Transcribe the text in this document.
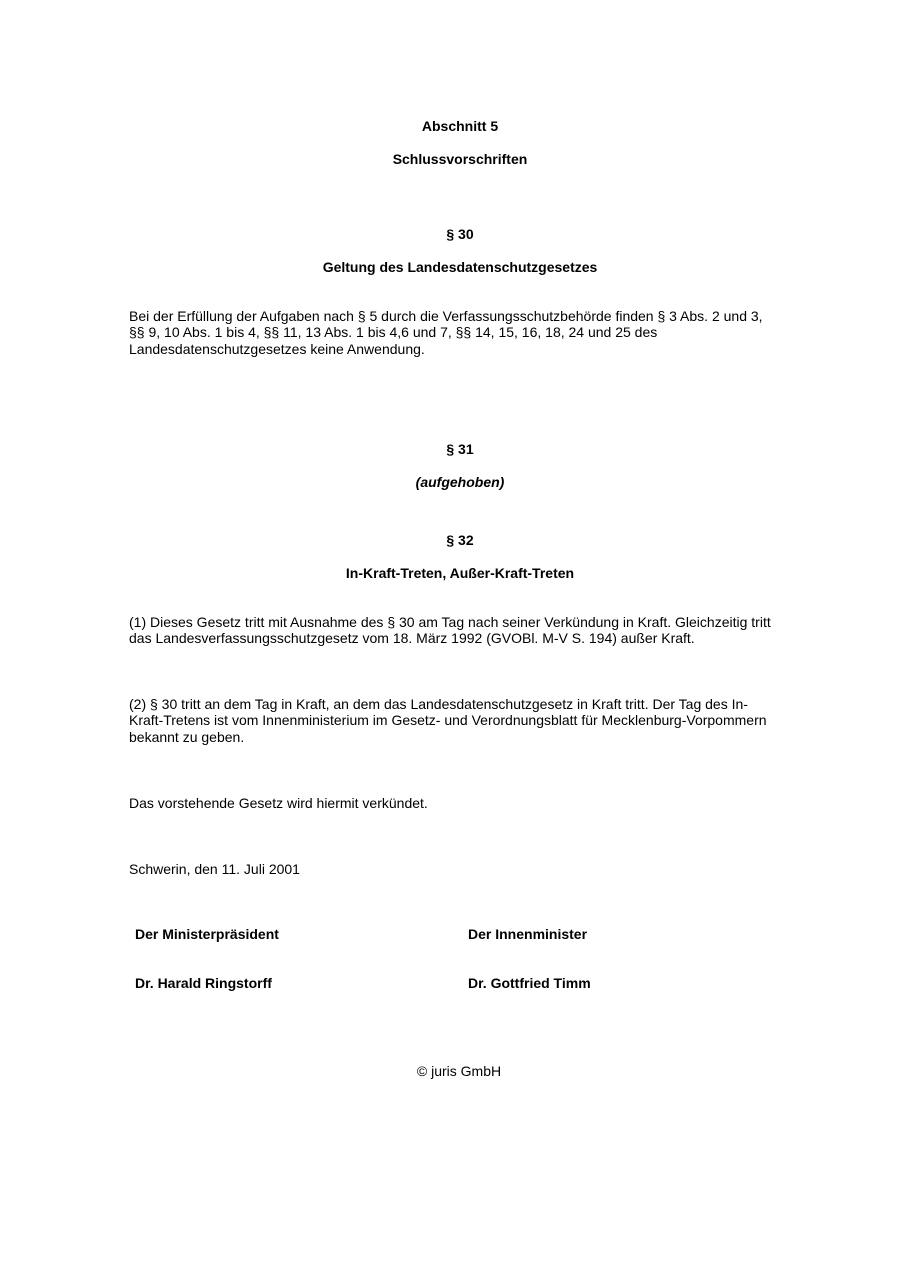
Abschnitt 5
Schlussvorschriften
§ 30
Geltung des Landesdatenschutzgesetzes
Bei der Erfüllung der Aufgaben nach § 5 durch die Verfassungsschutzbehörde finden § 3 Abs. 2 und 3,
§§ 9, 10 Abs. 1 bis 4, §§ 11, 13 Abs. 1 bis 4,6 und 7, §§ 14, 15, 16, 18, 24 und 25 des
Landesdatenschutzgesetzes keine Anwendung.
§ 31
(aufgehoben)
§ 32
In-Kraft-Treten, Außer-Kraft-Treten
(1) Dieses Gesetz tritt mit Ausnahme des § 30 am Tag nach seiner Verkündung in Kraft. Gleichzeitig tritt
das Landesverfassungsschutzgesetz vom 18. März 1992 (GVOBl. M-V S. 194) außer Kraft.
(2) § 30 tritt an dem Tag in Kraft, an dem das Landesdatenschutzgesetz in Kraft tritt. Der Tag des In-
Kraft-Tretens ist vom Innenministerium im Gesetz- und Verordnungsblatt für Mecklenburg-Vorpommern
bekannt zu geben.
Das vorstehende Gesetz wird hiermit verkündet.
Schwerin, den 11. Juli 2001
Der Ministerpräsident	Der Innenminister
Dr. Harald Ringstorff	Dr. Gottfried Timm
© juris GmbH
